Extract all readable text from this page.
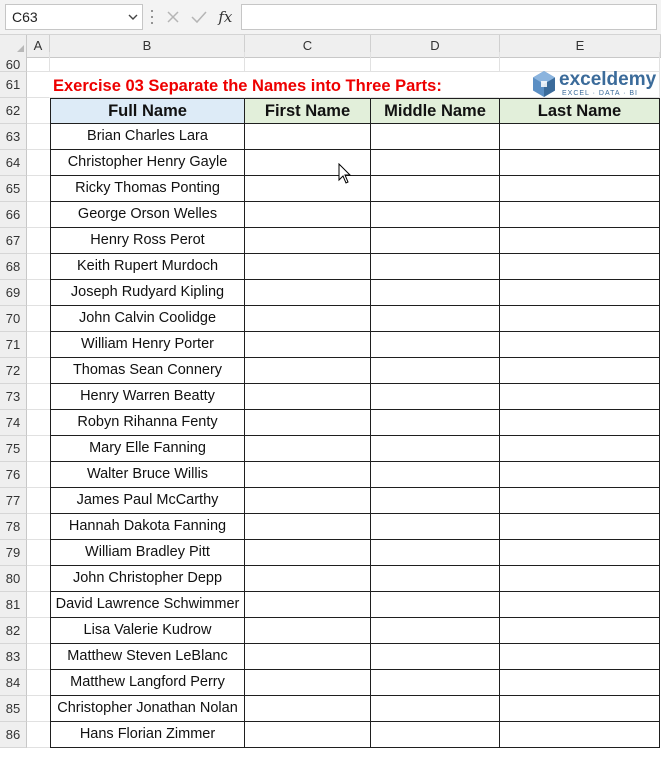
C63	fx
A	B	C	D	E
60
61	Exercise 03 Separate the Names into Three Parts:	exceldemy
EXCEL · DATA · BI
62	Full Name	First Name	Middle Name	Last Name
63	Brian Charles Lara
64	Christopher Henry Gayle
65	Ricky Thomas Ponting
66	George Orson Welles
67	Henry Ross Perot
68	Keith Rupert Murdoch
69	Joseph Rudyard Kipling
70	John Calvin Coolidge
71	William Henry Porter
72	Thomas Sean Connery
73	Henry Warren Beatty
74	Robyn Rihanna Fenty
75	Mary Elle Fanning
76	Walter Bruce Willis
77	James Paul McCarthy
78	Hannah Dakota Fanning
79	William Bradley Pitt
80	John Christopher Depp
81	David Lawrence Schwimmer
82	Lisa Valerie Kudrow
83	Matthew Steven LeBlanc
84	Matthew Langford Perry
85	Christopher Jonathan Nolan
86	Hans Florian Zimmer
